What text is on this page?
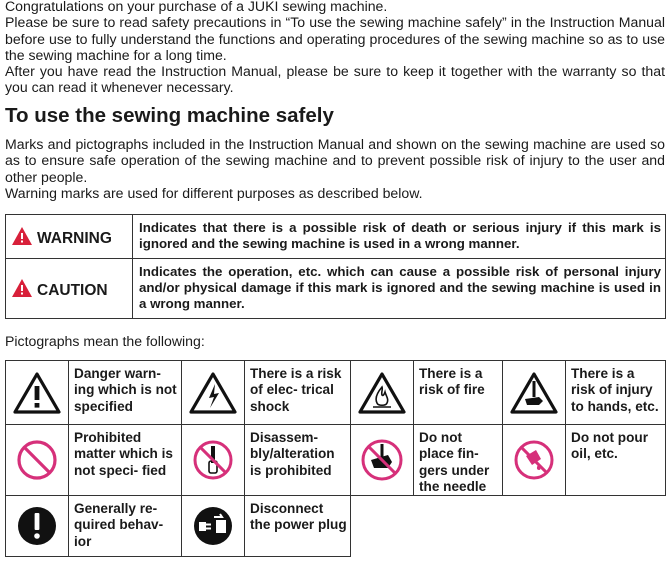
Congratulations on your purchase of a JUKI sewing machine.

Please be sure to read safety precautions in “To use the sewing machine safely” in the Instruction Manual before use to fully understand the functions and operating procedures of the sewing machine so as to use the sewing machine for a long time.

After you have read the Instruction Manual, please be sure to keep it together with the warranty so that you can read it whenever necessary.

To use the sewing machine safely

Marks and pictographs included in the Instruction Manual and shown on the sewing machine are used so as to ensure safe operation of the sewing machine and to prevent possible risk of injury to the user and other people.

Warning marks are used for different purposes as described below.

WARNING	Indicates that there is a possible risk of death or serious injury if this mark is ignored and the sewing machine is used in a wrong manner.

CAUTION	Indicates the operation, etc. which can cause a possible risk of personal injury and/or physical damage if this mark is ignored and the sewing machine is used in a wrong manner.

Pictographs mean the following:

	Danger warn- ing which is not specified		There is a risk of elec- trical shock		There is a risk of fire		There is a risk of injury to hands, etc.

	Prohibited matter which is not speci- fied		Disassem- bly/alteration is prohibited		Do not place fin- gers under the needle		Do not pour oil, etc.

	Generally re- quired behav- ior		Disconnect the power plug				
